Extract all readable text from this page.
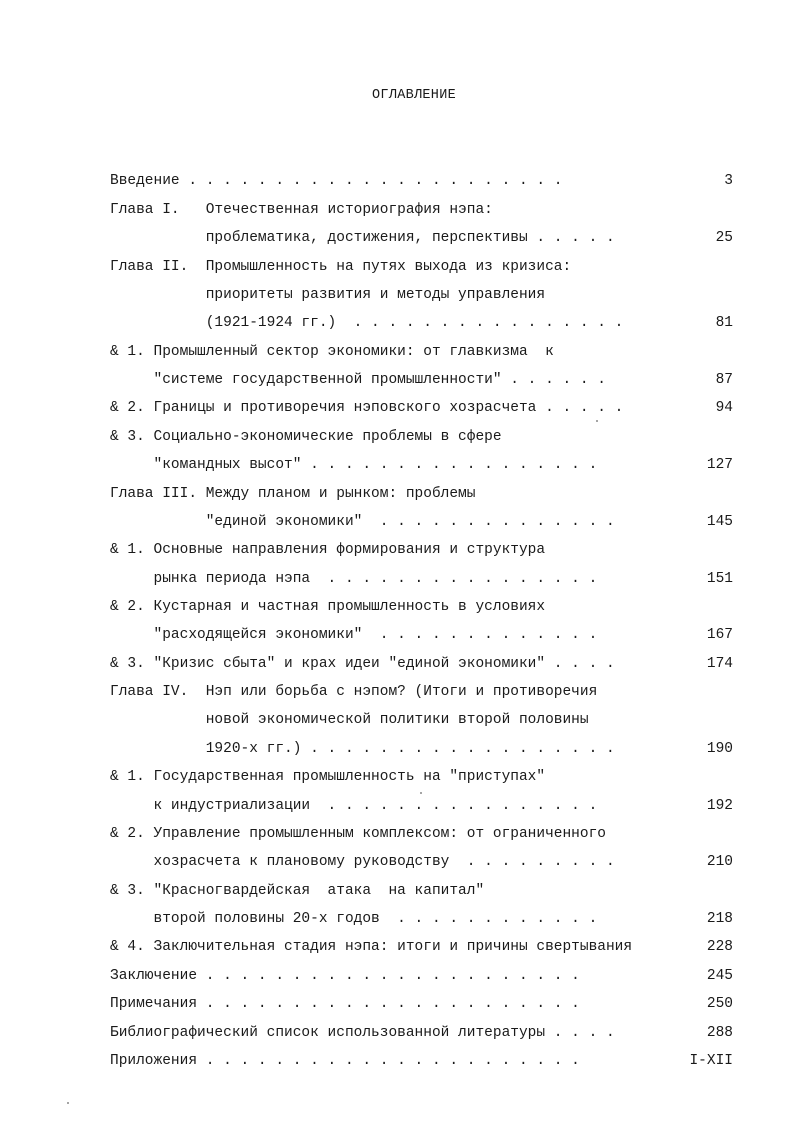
ОГЛАВЛЕНИЕ
Введение . . . . . . . . . . . . . . . . . . . . . .	3
Глава I.   Отечественная историография нэпа:
проблематика, достижения, перспективы . . . . .	25
Глава II.  Промышленность на путях выхода из кризиса:
приоритеты развития и методы управления
(1921-1924 гг.)  . . . . . . . . . . . . . . . .	81
& 1. Промышленный сектор экономики: от главкизма  к
"системе государственной промышленности" . . . . . .	87
& 2. Границы и противоречия нэповского хозрасчета . . . . .	94
& 3. Социально-экономические проблемы в сфере
"командных высот" . . . . . . . . . . . . . . . . .	127
Глава III. Между планом и рынком: проблемы
"единой экономики"  . . . . . . . . . . . . . .	145
& 1. Основные направления формирования и структура
рынка периода нэпа  . . . . . . . . . . . . . . . .	151
& 2. Кустарная и частная промышленность в условиях
"расходящейся экономики"  . . . . . . . . . . . . .	167
& 3. "Кризис сбыта" и крах идеи "единой экономики" . . . .	174
Глава IV.  Нэп или борьба с нэпом? (Итоги и противоречия
новой экономической политики второй половины
1920-х гг.) . . . . . . . . . . . . . . . . . .	190
& 1. Государственная промышленность на "приступах"
к индустриализации  . . . . . . . . . . . . . . . .	192
& 2. Управление промышленным комплексом: от ограниченного
хозрасчета к плановому руководству  . . . . . . . . .	210
& 3. "Красногвардейская  атака  на капитал"
второй половины 20-х годов  . . . . . . . . . . . .	218
& 4. Заключительная стадия нэпа: итоги и причины свертывания	228
Заключение . . . . . . . . . . . . . . . . . . . . . .	245
Примечания . . . . . . . . . . . . . . . . . . . . . .	250
Библиографический список использованной литературы . . . .	288
Приложения . . . . . . . . . . . . . . . . . . . . . .	I-XII
